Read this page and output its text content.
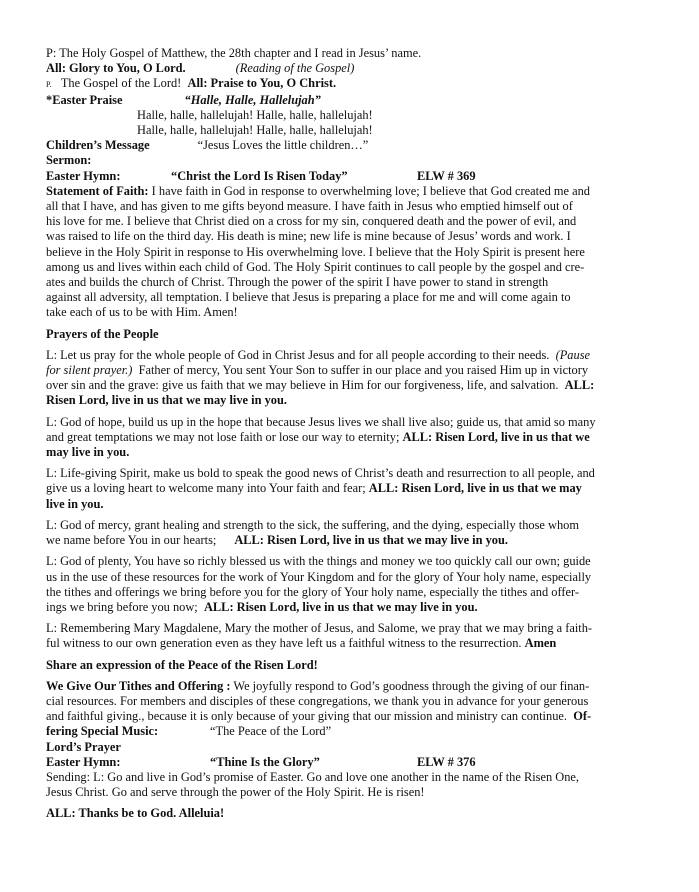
P: The Holy Gospel of Matthew, the 28th chapter and I read in Jesus’ name.
All: Glory to You, O Lord.	(Reading of the Gospel)
P. The Gospel of the Lord! All: Praise to You, O Christ.
*Easter Praise	“Halle, Halle, Hallelujah”
Halle, halle, hallelujah! Halle, halle, hallelujah!
Halle, halle, hallelujah! Halle, halle, hallelujah!
Children’s Message	“Jesus Loves the little children…”
Sermon:
Easter Hymn:	“Christ the Lord Is Risen Today”	ELW # 369
Statement of Faith: I have faith in God in response to overwhelming love; I believe that God created me and
all that I have, and has given to me gifts beyond measure. I have faith in Jesus who emptied himself out of
his love for me. I believe that Christ died on a cross for my sin, conquered death and the power of evil, and
was raised to life on the third day. His death is mine; new life is mine because of Jesus’ words and work. I
believe in the Holy Spirit in response to His overwhelming love. I believe that the Holy Spirit is present here
among us and lives within each child of God. The Holy Spirit continues to call people by the gospel and cre-
ates and builds the church of Christ. Through the power of the spirit I have power to stand in strength
against all adversity, all temptation. I believe that Jesus is preparing a place for me and will come again to
take each of us to be with Him. Amen!
Prayers of the People
L: Let us pray for the whole people of God in Christ Jesus and for all people according to their needs. (Pause
for silent prayer.) Father of mercy, You sent Your Son to suffer in our place and you raised Him up in victory
over sin and the grave: give us faith that we may believe in Him for our forgiveness, life, and salvation. ALL:
Risen Lord, live in us that we may live in you.
L: God of hope, build us up in the hope that because Jesus lives we shall live also; guide us, that amid so many
and great temptations we may not lose faith or lose our way to eternity; ALL: Risen Lord, live in us that we
may live in you.
L: Life-giving Spirit, make us bold to speak the good news of Christ’s death and resurrection to all people, and
give us a loving heart to welcome many into Your faith and fear; ALL: Risen Lord, live in us that we may
live in you.
L: God of mercy, grant healing and strength to the sick, the suffering, and the dying, especially those whom
we name before You in our hearts; ALL: Risen Lord, live in us that we may live in you.
L: God of plenty, You have so richly blessed us with the things and money we too quickly call our own; guide
us in the use of these resources for the work of Your Kingdom and for the glory of Your holy name, especially
the tithes and offerings we bring before you for the glory of Your holy name, especially the tithes and offer-
ings we bring before you now; ALL: Risen Lord, live in us that we may live in you.
L: Remembering Mary Magdalene, Mary the mother of Jesus, and Salome, we pray that we may bring a faith-
ful witness to our own generation even as they have left us a faithful witness to the resurrection. Amen
Share an expression of the Peace of the Risen Lord!
We Give Our Tithes and Offering : We joyfully respond to God’s goodness through the giving of our finan-
cial resources. For members and disciples of these congregations, we thank you in advance for your generous
and faithful giving., because it is only because of your giving that our mission and ministry can continue. Of-
fering Special Music:	“The Peace of the Lord”
Lord’s Prayer
Easter Hymn:	“Thine Is the Glory”	ELW # 376
Sending: L: Go and live in God’s promise of Easter. Go and love one another in the name of the Risen One,
Jesus Christ. Go and serve through the power of the Holy Spirit. He is risen!
ALL: Thanks be to God. Alleluia!
